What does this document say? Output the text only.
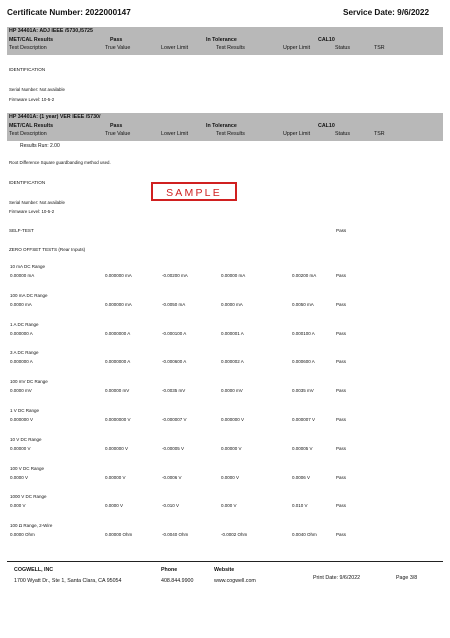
Certificate Number: 2022000147	Service Date: 9/6/2022
HP 34401A: ADJ IEEE /5730,/5725
MET/CAL Results	Pass	In Tolerance	CAL10
Test Description	True Value	Lower Limit	Test Results	Upper Limit	Status	TSR
IDENTIFICATION
Serial Number: Not available
Firmware Level: 10-5-2
HP 34401A: (1 year) VER IEEE /5730/
MET/CAL Results	Pass	In Tolerance	CAL10
Test Description	True Value	Lower Limit	Test Results	Upper Limit	Status	TSR
Results Run: 2.00
Root Difference Square guardbanding method used.
IDENTIFICATION
SAMPLE
Serial Number: Not available
Firmware Level: 10-5-2
SELF-TEST	Pass
ZERO OFFSET TESTS (Rear Inputs)
10 mA DC Range
0.00000 mA	0.000000 mA	-0.00200 mA	0.00000 mA	0.00200 mA	Pass
100 mA DC Range
0.0000 mA	0.000000 mA	-0.0050 mA	0.0000 mA	0.0050 mA	Pass
1 A DC Range
0.000000 A	0.0000000 A	-0.000100 A	0.000001 A	0.000100 A	Pass
3 A DC Range
0.000000 A	0.0000000 A	-0.000600 A	0.000002 A	0.000600 A	Pass
100 mV DC Range
0.0000 mV	0.00000 mV	-0.0035 mV	0.0000 mV	0.0035 mV	Pass
1 V DC Range
0.000000 V	0.0000000 V	-0.000007 V	0.000000 V	0.000007 V	Pass
10 V DC Range
0.00000 V	0.000000 V	-0.00005 V	0.00000 V	0.00005 V	Pass
100 V DC Range
0.0000 V	0.00000 V	-0.0006 V	0.0000 V	0.0006 V	Pass
1000 V DC Range
0.000 V	0.0000 V	-0.010 V	0.000 V	0.010 V	Pass
100 Ω Range, 2-Wire
0.0000 Ohm	0.00000 Ohm	-0.0040 Ohm	-0.0002 Ohm	0.0040 Ohm	Pass
COGWELL, INC
1700 Wyatt Dr., Ste 1, Santa Clara, CA 95054
Phone
408.844.9900
Website
www.cogwell.com	Print Date: 9/6/2022	Page 3/8
